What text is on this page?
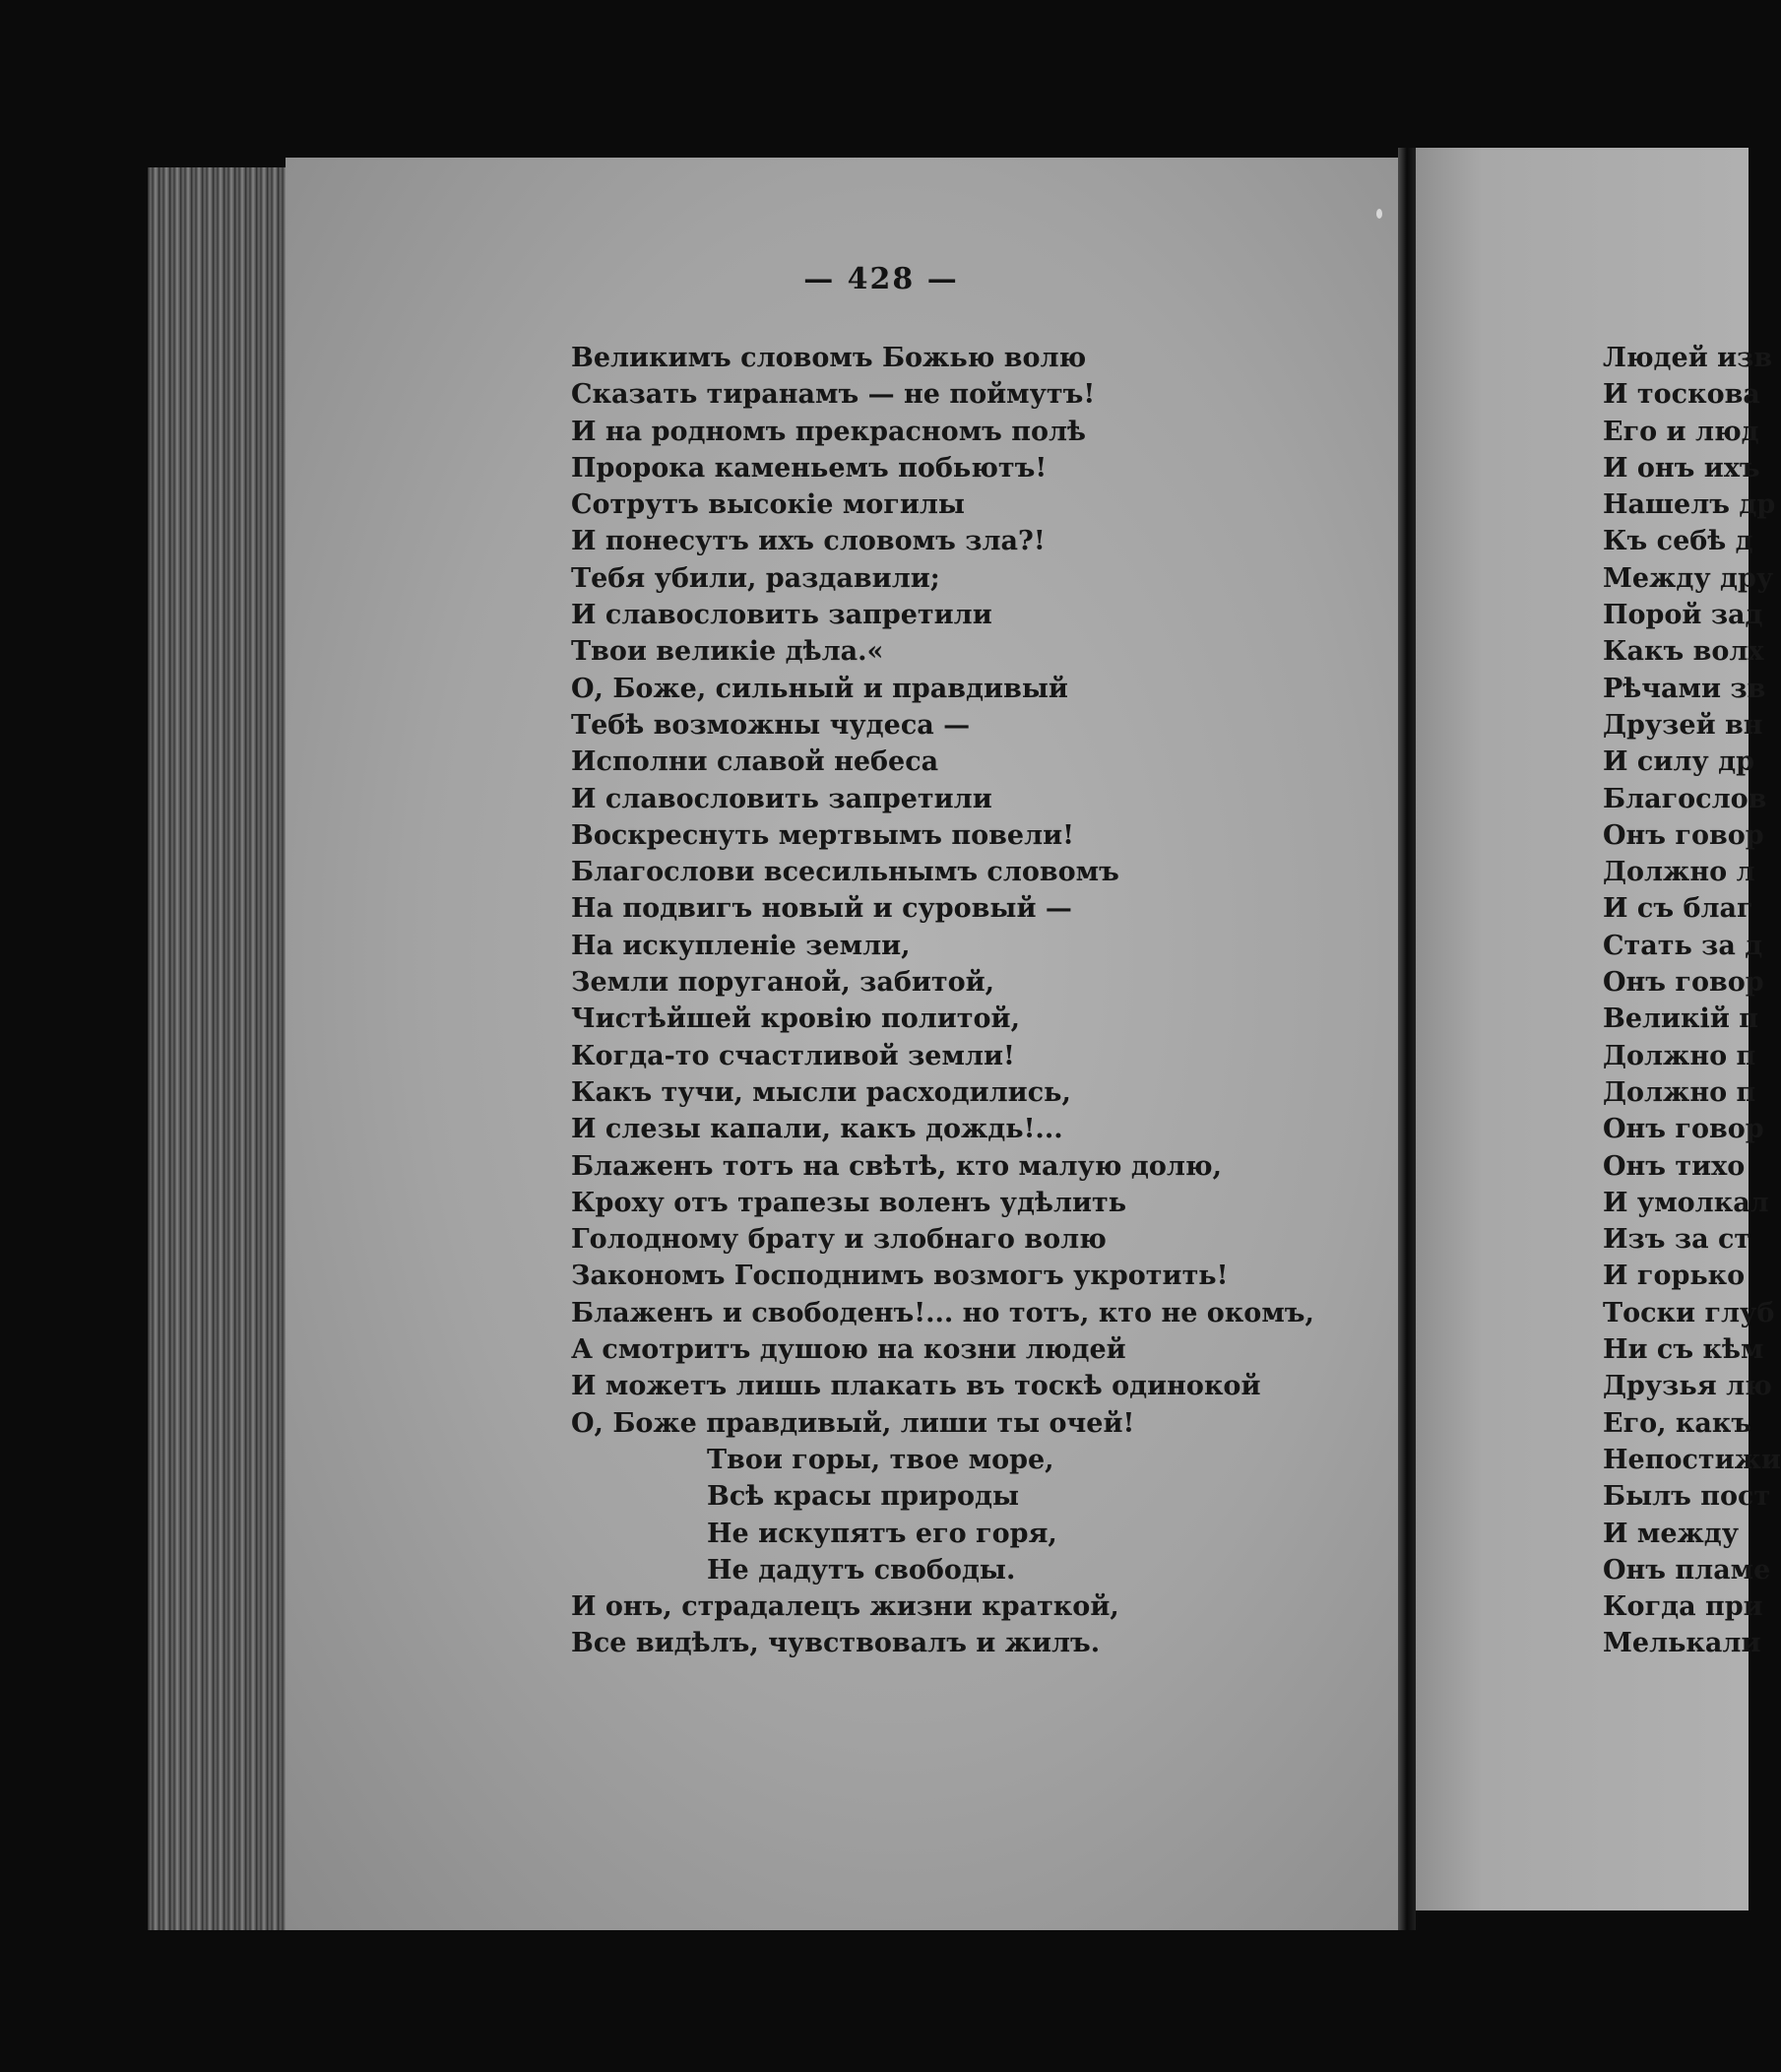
Людей изв
И тоскова
Его и люд
И онъ ихъ
Нашелъ др
Къ себѣ д
Между дру
Порой зад
Какъ волх
Рѣчами зв
Друзей вн
И силу др
Благослов
Онъ говор
Должно л
И съ благ
Стать за д
Онъ говор
Великiй п
Должно п
Должно п
Онъ говор
Онъ тихо
И умолкал
Изъ за ст
И горько
Тоски глуб
Ни съ кѣм
Друзья лю
Его, какъ
Непостижи
Былъ пост
И между
Онъ пламе
Когда при
Мелькали
— 428 —
Великимъ словомъ Божью волю
Сказать тиранамъ — не поймутъ!
И на родномъ прекрасномъ полѣ
Пророка каменьемъ побьютъ!
Сотрутъ высокiе могилы
И понесутъ ихъ словомъ зла?!
Тебя убили, раздавили;
И славословить запретили
Твои великiе дѣла.«
О, Боже, сильный и правдивый
Тебѣ возможны чудеса —
Исполни славой небеса
И славословить запретили
Воскреснуть мертвымъ повели!
Благослови всесильнымъ словомъ
На подвигъ новый и суровый —
На искупленiе земли,
Земли поруганой, забитой,
Чистѣйшей кровiю политой,
Когда-то счастливой земли!
Какъ тучи, мысли расходились,
И слезы капали, какъ дождь!...
Блаженъ тотъ на свѣтѣ, кто малую долю,
Кроху отъ трапезы воленъ удѣлить
Голодному брату и злобнаго волю
Закономъ Господнимъ возмогъ укротить!
Блаженъ и свободенъ!... но тотъ, кто не окомъ,
А смотритъ душою на козни людей
И можетъ лишь плакать въ тоскѣ одинокой
О, Боже правдивый, лиши ты очей!
Твои горы, твое море,
Всѣ красы природы
Не искупятъ его горя,
Не дадутъ свободы.
И онъ, страдалецъ жизни краткой,
Все видѣлъ, чувствовалъ и жилъ.
